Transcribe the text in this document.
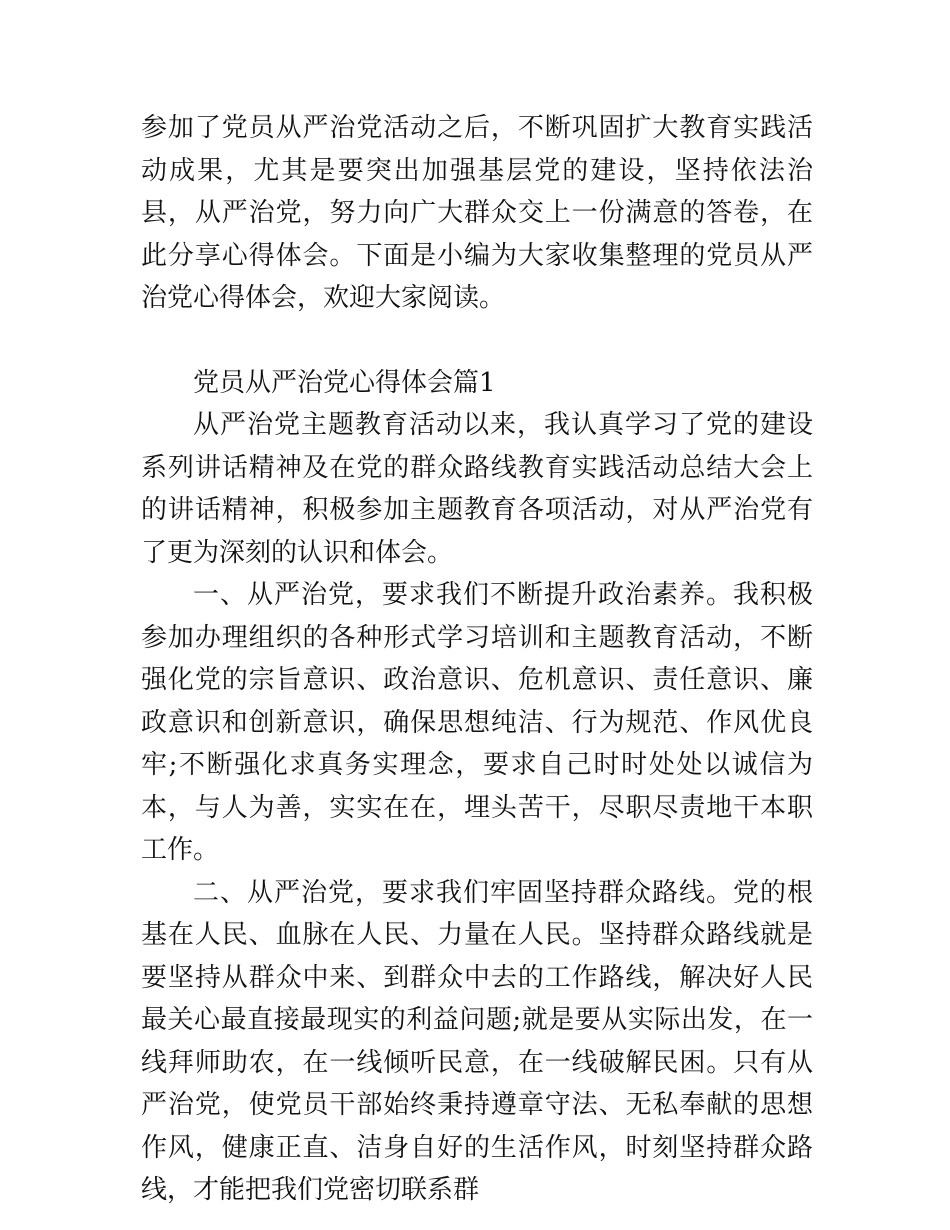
参加了党员从严治党活动之后，不断巩固扩大教育实践活动成果，尤其是要突出加强基层党的建设，坚持依法治县，从严治党，努力向广大群众交上一份满意的答卷，在此分享心得体会。下面是小编为大家收集整理的党员从严治党心得体会，欢迎大家阅读。

党员从严治党心得体会篇1

从严治党主题教育活动以来，我认真学习了党的建设系列讲话精神及在党的群众路线教育实践活动总结大会上的讲话精神，积极参加主题教育各项活动，对从严治党有了更为深刻的认识和体会。

一、从严治党，要求我们不断提升政治素养。我积极参加办理组织的各种形式学习培训和主题教育活动，不断强化党的宗旨意识、政治意识、危机意识、责任意识、廉政意识和创新意识，确保思想纯洁、行为规范、作风优良牢;不断强化求真务实理念，要求自己时时处处以诚信为本，与人为善，实实在在，埋头苦干，尽职尽责地干本职工作。

二、从严治党，要求我们牢固坚持群众路线。党的根基在人民、血脉在人民、力量在人民。坚持群众路线就是要坚持从群众中来、到群众中去的工作路线，解决好人民最关心最直接最现实的利益问题;就是要从实际出发，在一线拜师助农，在一线倾听民意，在一线破解民困。只有从严治党，使党员干部始终秉持遵章守法、无私奉献的思想作风，健康正直、洁身自好的生活作风，时刻坚持群众路线，才能把我们党密切联系群
